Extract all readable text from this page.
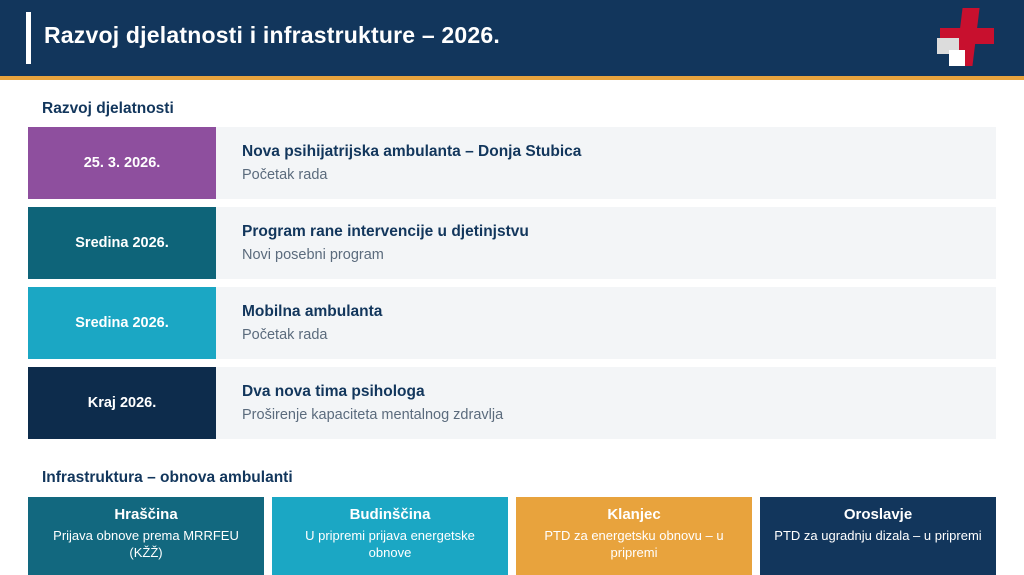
Razvoj djelatnosti i infrastrukture – 2026.
Razvoj djelatnosti
Infrastruktura – obnova ambulanti
25. 3. 2026.
Nova psihijatrijska ambulanta – Donja Stubica
Početak rada
Sredina 2026.
Program rane intervencije u djetinjstvu
Novi posebni program
Sredina 2026.
Mobilna ambulanta
Početak rada
Kraj 2026.
Dva nova tima psihologa
Proširenje kapaciteta mentalnog zdravlja
Hraščina
Prijava obnove prema MRRFEU (KŽŽ)
Budinščina
U pripremi prijava energetske obnove
Klanjec
PTD za energetsku obnovu – u pripremi
Oroslavje
PTD za ugradnju dizala – u pripremi
